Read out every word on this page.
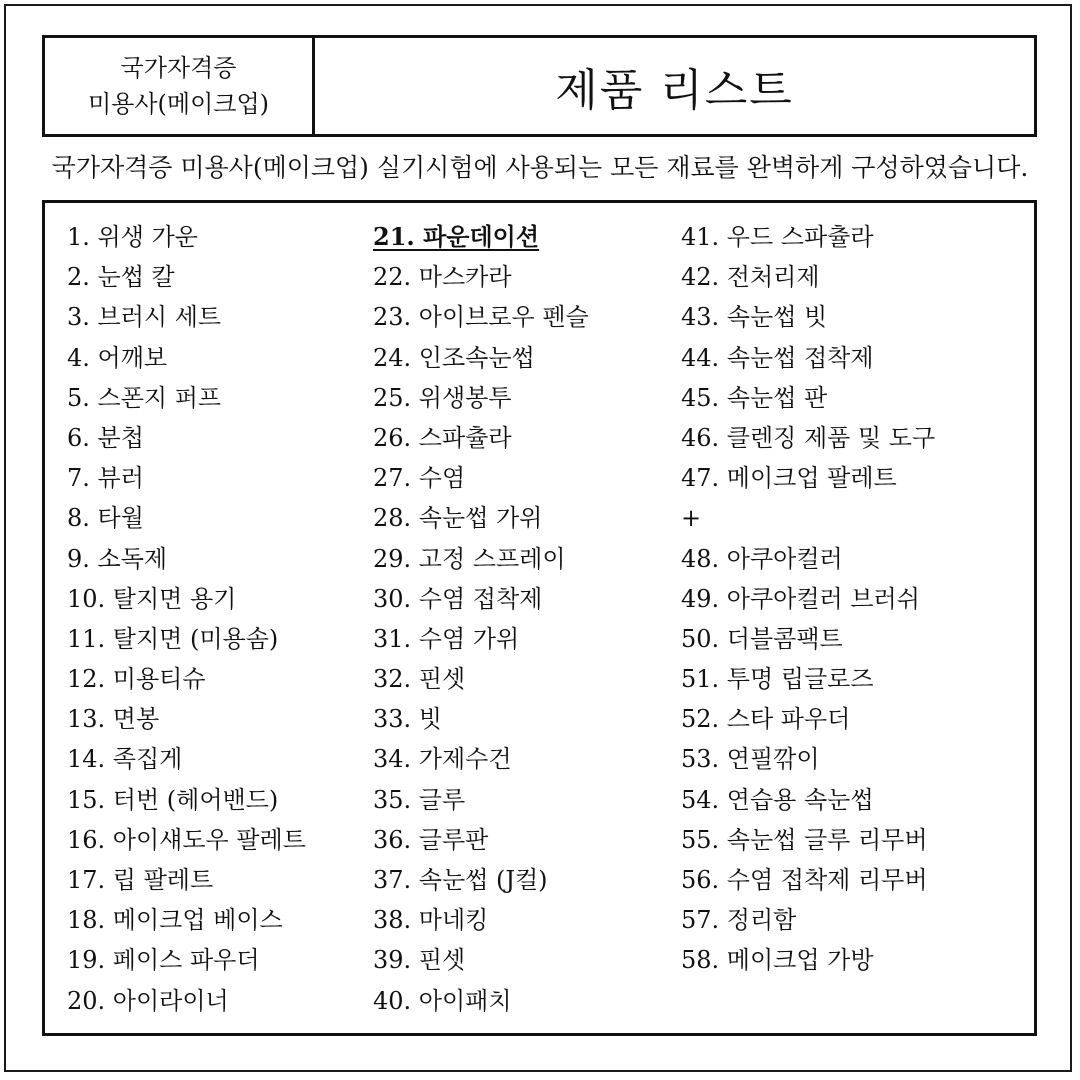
국가자격증
미용사(메이크업)	제품 리스트
국가자격증 미용사(메이크업) 실기시험에 사용되는 모든 재료를 완벽하게 구성하였습니다.
1. 위생 가운
2. 눈썹 칼
3. 브러시 세트
4. 어깨보
5. 스폰지 퍼프
6. 분첩
7. 뷰러
8. 타월
9. 소독제
10. 탈지면 용기
11. 탈지면 (미용솜)
12. 미용티슈
13. 면봉
14. 족집게
15. 터번 (헤어밴드)
16. 아이섀도우 팔레트
17. 립 팔레트
18. 메이크업 베이스
19. 페이스 파우더
20. 아이라이너
21. 파운데이션
22. 마스카라
23. 아이브로우 펜슬
24. 인조속눈썹
25. 위생봉투
26. 스파츌라
27. 수염
28. 속눈썹 가위
29. 고정 스프레이
30. 수염 접착제
31. 수염 가위
32. 핀셋
33. 빗
34. 가제수건
35. 글루
36. 글루판
37. 속눈썹 (J컬)
38. 마네킹
39. 핀셋
40. 아이패치
41. 우드 스파츌라
42. 전처리제
43. 속눈썹 빗
44. 속눈썹 접착제
45. 속눈썹 판
46. 클렌징 제품 및 도구
47. 메이크업 팔레트
+
48. 아쿠아컬러
49. 아쿠아컬러 브러쉬
50. 더블콤팩트
51. 투명 립글로즈
52. 스타 파우더
53. 연필깎이
54. 연습용 속눈썹
55. 속눈썹 글루 리무버
56. 수염 접착제 리무버
57. 정리함
58. 메이크업 가방
